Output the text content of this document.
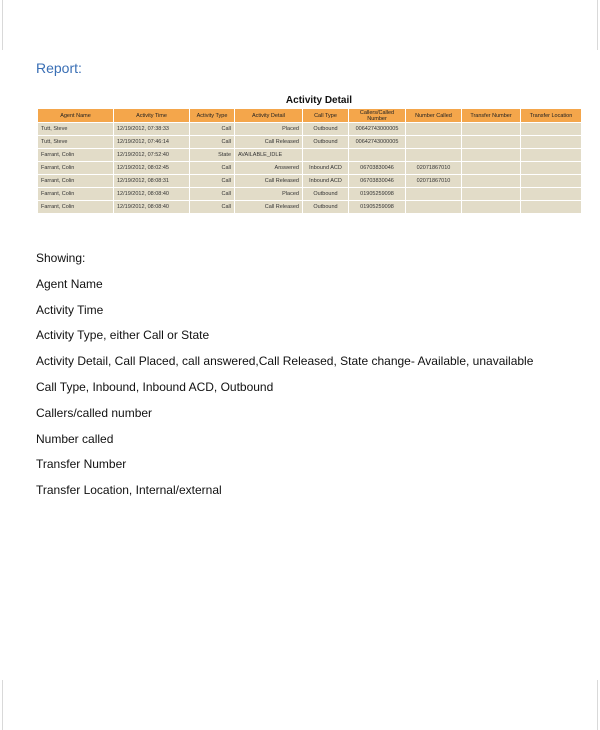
Report:
Activity Detail
Agent Name	Activity Time	Activity Type	Activity Detail	Call Type	Callers/Called Number	Number Called	Transfer Number	Transfer Location
Tutt, Steve	12/19/2012, 07:38:33	Call	Placed	Outbound	00642743000005			
Tutt, Steve	12/19/2012, 07:46:14	Call	Call Released	Outbound	00642743000005			
Farrant, Colin	12/19/2012, 07:52:40	State	AVAILABLE_IDLE					
Farrant, Colin	12/19/2012, 08:02:45	Call	Answered	Inbound ACD	06703830046	02071867010		
Farrant, Colin	12/19/2012, 08:08:31	Call	Call Released	Inbound ACD	06703830046	02071867010		
Farrant, Colin	12/19/2012, 08:08:40	Call	Placed	Outbound	01905259098			
Farrant, Colin	12/19/2012, 08:08:40	Call	Call Released	Outbound	01905259098			
Showing:
Agent Name
Activity Time
Activity Type, either Call or State
Activity Detail, Call Placed, call answered,Call Released, State change- Available, unavailable
Call Type, Inbound, Inbound ACD, Outbound
Callers/called number
Number called
Transfer Number
Transfer Location, Internal/external
